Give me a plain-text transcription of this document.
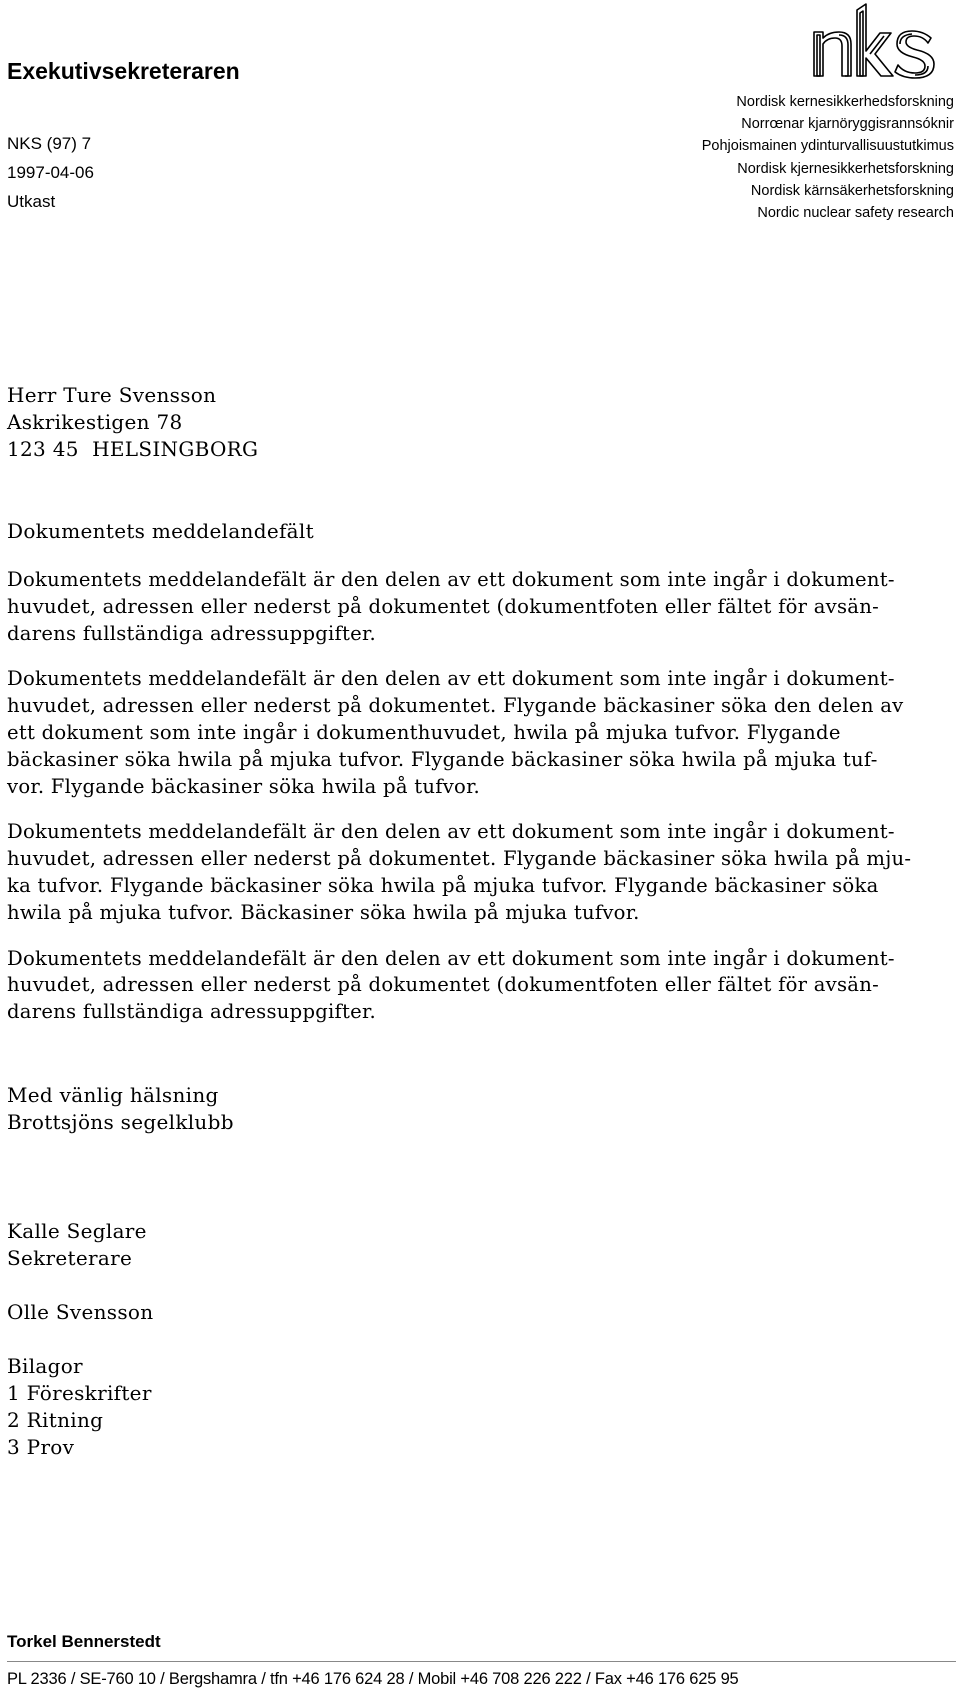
Exekutivsekreteraren
NKS (97) 7
1997-04-06
Utkast
Nordisk kernesikkerhedsforskning
Norrœnar kjarnöryggisrannsóknir
Pohjoismainen ydinturvallisuustutkimus
Nordisk kjernesikkerhetsforskning
Nordisk kärnsäkerhetsforskning
Nordic nuclear safety research
Herr Ture Svensson
Askrikestigen 78
123 45  HELSINGBORG
Dokumentets meddelandefält

Dokumentets meddelandefält är den delen av ett dokument som inte ingår i dokument-
huvudet, adressen eller nederst på dokumentet (dokumentfoten eller fältet för avsän-
darens fullständiga adressuppgifter.

Dokumentets meddelandefält är den delen av ett dokument som inte ingår i dokument-
huvudet, adressen eller nederst på dokumentet. Flygande bäckasiner söka den delen av
ett dokument som inte ingår i dokumenthuvudet, hwila på mjuka tufvor. Flygande
bäckasiner söka hwila på mjuka tufvor. Flygande bäckasiner söka hwila på mjuka tuf-
vor. Flygande bäckasiner söka hwila på tufvor.

Dokumentets meddelandefält är den delen av ett dokument som inte ingår i dokument-
huvudet, adressen eller nederst på dokumentet. Flygande bäckasiner söka hwila på mju-
ka tufvor. Flygande bäckasiner söka hwila på mjuka tufvor. Flygande bäckasiner söka
hwila på mjuka tufvor. Bäckasiner söka hwila på mjuka tufvor.

Dokumentets meddelandefält är den delen av ett dokument som inte ingår i dokument-
huvudet, adressen eller nederst på dokumentet (dokumentfoten eller fältet för avsän-
darens fullständiga adressuppgifter.

Med vänlig hälsning
Brottsjöns segelklubb
Kalle Seglare
Sekreterare
Olle Svensson
Bilagor
1 Föreskrifter
2 Ritning
3 Prov
Torkel Bennerstedt
PL 2336 / SE-760 10 / Bergshamra / tfn +46 176 624 28 / Mobil +46 708 226 222 / Fax +46 176 625 95
